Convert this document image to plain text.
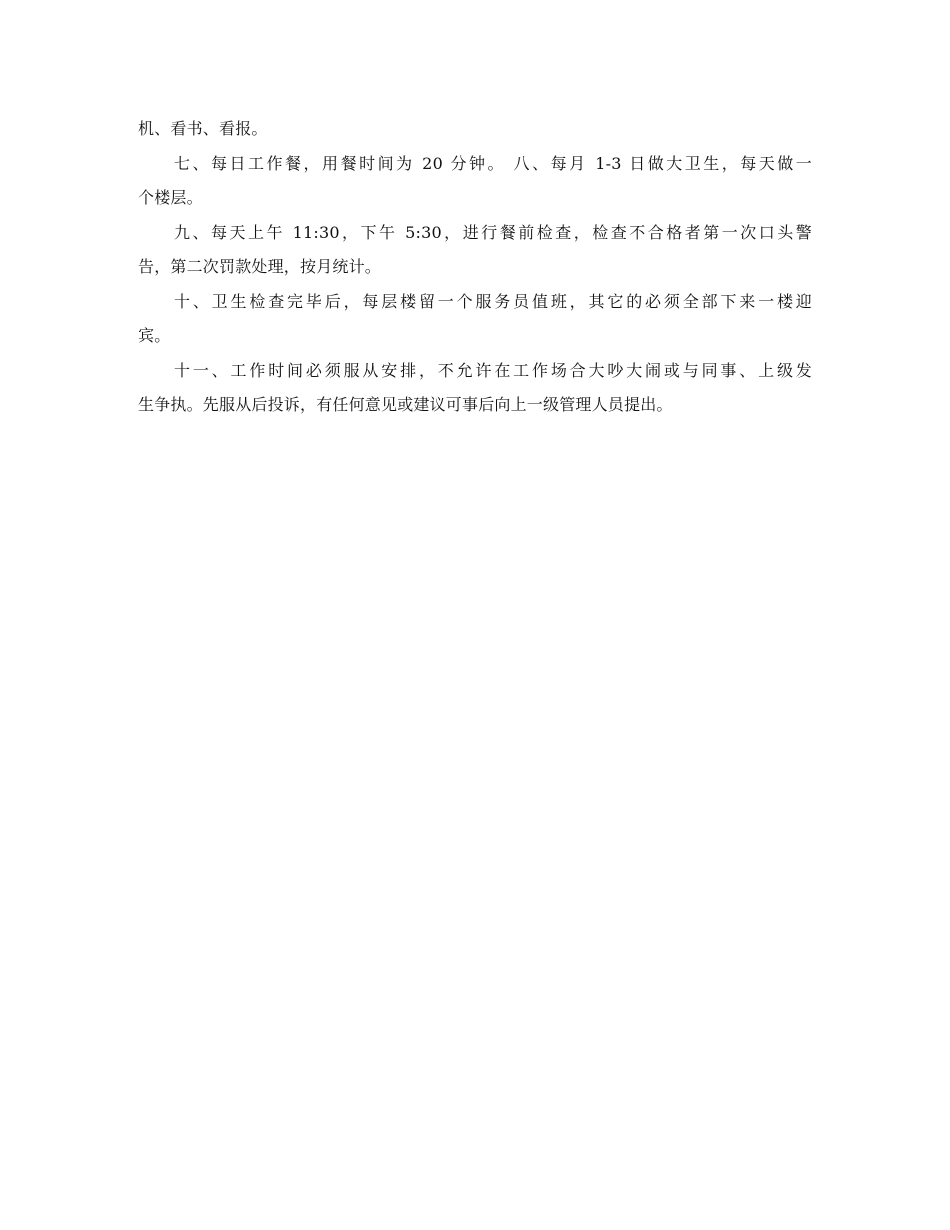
机、看书、看报。
七、每日工作餐，用餐时间为 20 分钟。 八、每月 1-3 日做大卫生，每天做一
个楼层。
九、每天上午 11:30，下午 5:30，进行餐前检查，检查不合格者第一次口头警
告，第二次罚款处理，按月统计。
十、卫生检查完毕后，每层楼留一个服务员值班，其它的必须全部下来一楼迎
宾。
十一、工作时间必须服从安排，不允许在工作场合大吵大闹或与同事、上级发
生争执。先服从后投诉，有任何意见或建议可事后向上一级管理人员提出。
